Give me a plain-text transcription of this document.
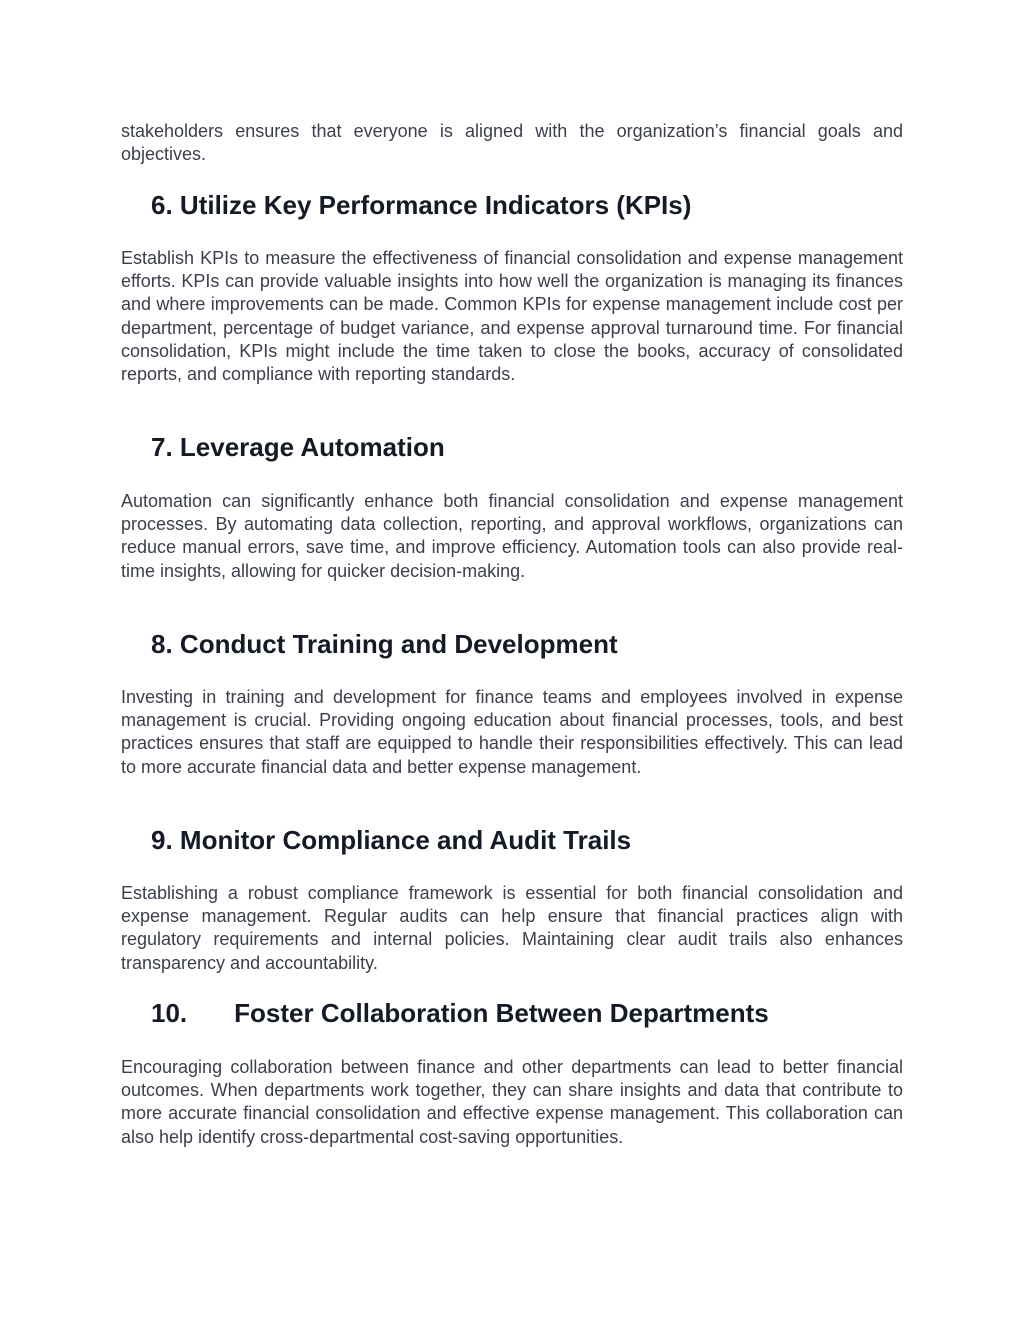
stakeholders ensures that everyone is aligned with the organization’s financial goals and objectives.

6. Utilize Key Performance Indicators (KPIs)

Establish KPIs to measure the effectiveness of financial consolidation and expense management efforts. KPIs can provide valuable insights into how well the organization is managing its finances and where improvements can be made. Common KPIs for expense management include cost per department, percentage of budget variance, and expense approval turnaround time. For financial consolidation, KPIs might include the time taken to close the books, accuracy of consolidated reports, and compliance with reporting standards.

7. Leverage Automation

Automation can significantly enhance both financial consolidation and expense management processes. By automating data collection, reporting, and approval workflows, organizations can reduce manual errors, save time, and improve efficiency. Automation tools can also provide real-time insights, allowing for quicker decision-making.

8. Conduct Training and Development

Investing in training and development for finance teams and employees involved in expense management is crucial. Providing ongoing education about financial processes, tools, and best practices ensures that staff are equipped to handle their responsibilities effectively. This can lead to more accurate financial data and better expense management.

9. Monitor Compliance and Audit Trails

Establishing a robust compliance framework is essential for both financial consolidation and expense management. Regular audits can help ensure that financial practices align with regulatory requirements and internal policies. Maintaining clear audit trails also enhances transparency and accountability.

10. Foster Collaboration Between Departments

Encouraging collaboration between finance and other departments can lead to better financial outcomes. When departments work together, they can share insights and data that contribute to more accurate financial consolidation and effective expense management. This collaboration can also help identify cross-departmental cost-saving opportunities.
